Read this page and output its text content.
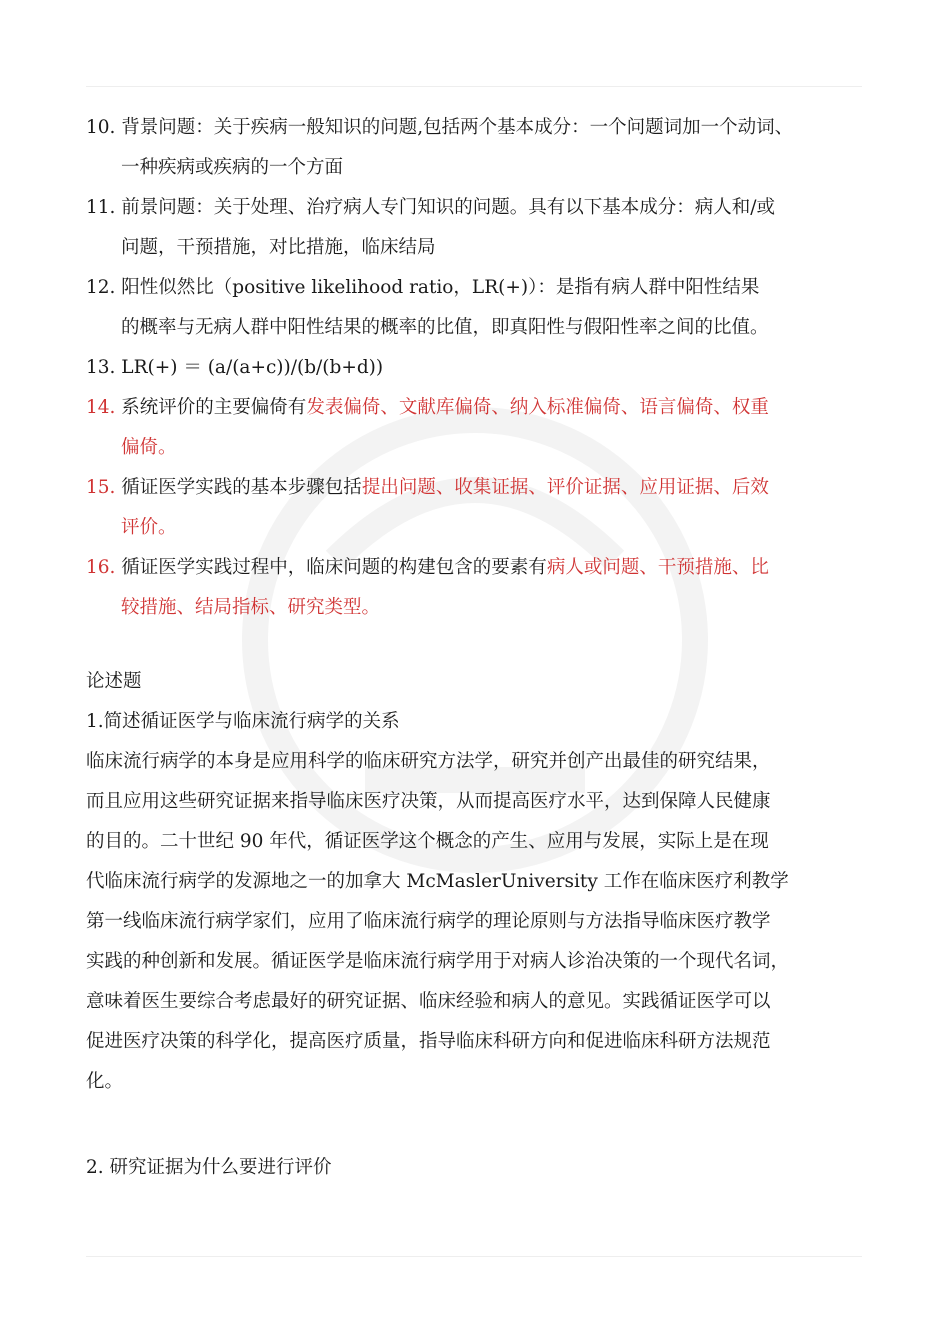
10. 背景问题：关于疾病一般知识的问题,包括两个基本成分：一个问题词加一个动词、
一种疾病或疾病的一个方面
11. 前景问题：关于处理、治疗病人专门知识的问题。具有以下基本成分：病人和/或
问题，干预措施，对比措施，临床结局
12. 阳性似然比（positive likelihood ratio，LR(+)）：是指有病人群中阳性结果
的概率与无病人群中阳性结果的概率的比值，即真阳性与假阳性率之间的比值。
13. LR(+) ＝ (a/(a+c))/(b/(b+d))
14. 系统评价的主要偏倚有发表偏倚、文献库偏倚、纳入标准偏倚、语言偏倚、权重
偏倚。
15. 循证医学实践的基本步骤包括提出问题、收集证据、评价证据、应用证据、后效
评价。
16. 循证医学实践过程中，临床问题的构建包含的要素有病人或问题、干预措施、比
较措施、结局指标、研究类型。
论述题
1.简述循证医学与临床流行病学的关系

临床流行病学的本身是应用科学的临床研究方法学，研究并创产出最佳的研究结果，

而且应用这些研究证据来指导临床医疗决策，从而提高医疗水平，达到保障人民健康

的目的。二十世纪 90 年代，循证医学这个概念的产生、应用与发展，实际上是在现

代临床流行病学的发源地之一的加拿大 McMaslerUniversity 工作在临床医疗利教学

第一线临床流行病学家们，应用了临床流行病学的理论原则与方法指导临床医疗教学

实践的种创新和发展。循证医学是临床流行病学用于对病人诊治决策的一个现代名词，

意味着医生要综合考虑最好的研究证据、临床经验和病人的意见。实践循证医学可以

促进医疗决策的科学化，提高医疗质量，指导临床科研方向和促进临床科研方法规范

化。

2. 研究证据为什么要进行评价
